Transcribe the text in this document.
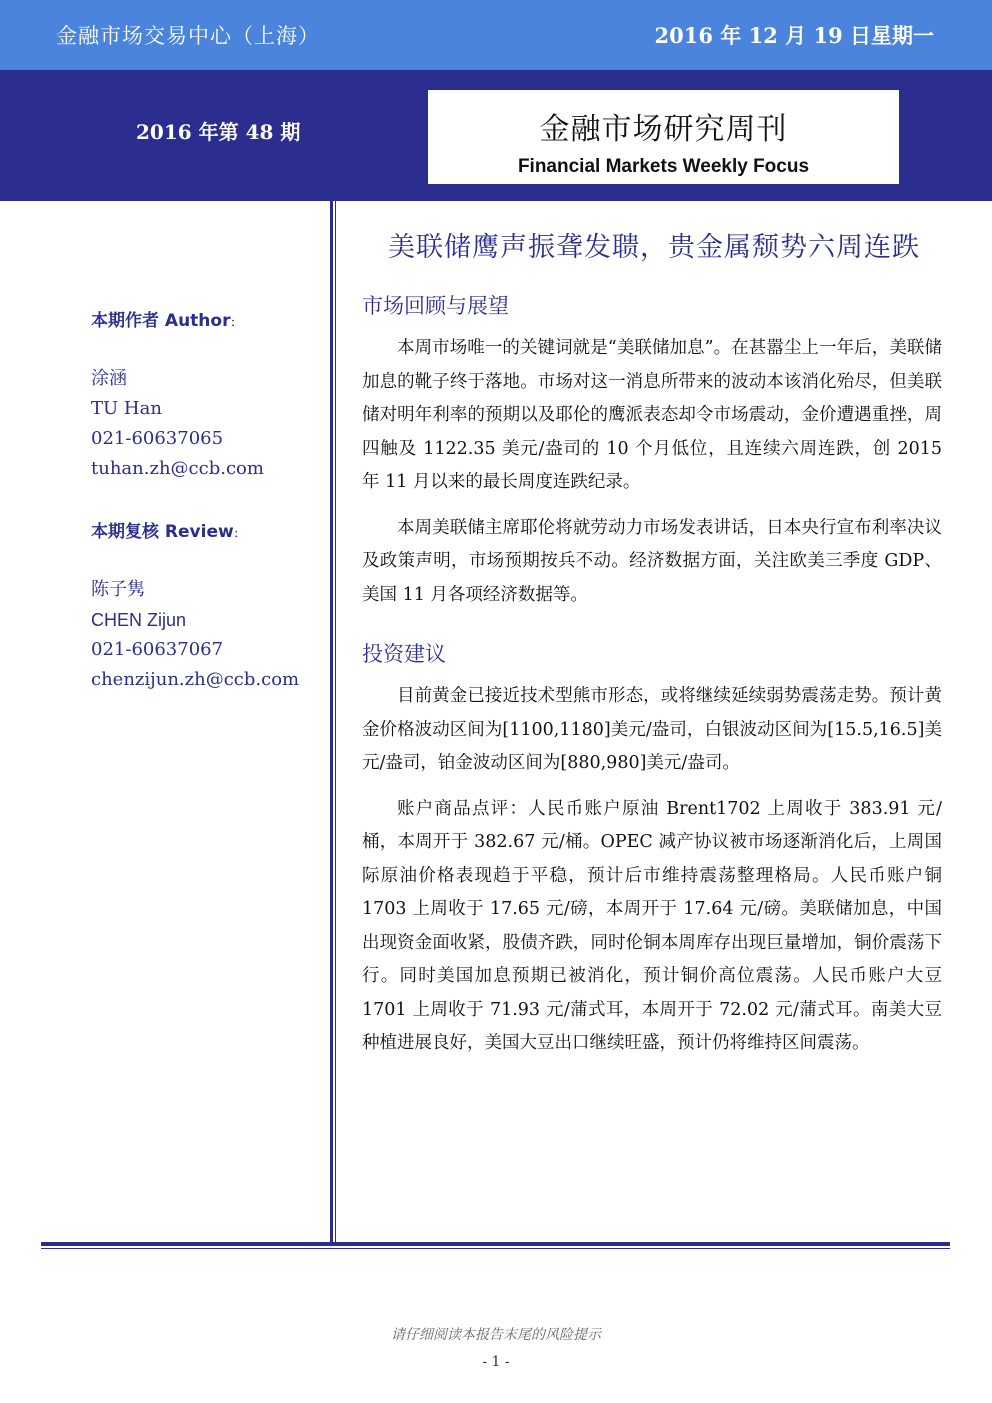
金融市场交易中心（上海）	2016 年 12 月 19 日星期一
2016 年第 48 期	金融市场研究周刊
Financial Markets Weekly Focus
本期作者 Author：
涂涵
TU Han
021-60637065
tuhan.zh@ccb.com
本期复核 Review：
陈子隽
CHEN Zijun
021-60637067
chenzijun.zh@ccb.com
美联储鹰声振聋发聩，贵金属颓势六周连跌
市场回顾与展望
本周市场唯一的关键词就是“美联储加息”。在甚嚣尘上一年后，美联储加息的靴子终于落地。市场对这一消息所带来的波动本该消化殆尽，但美联储对明年利率的预期以及耶伦的鹰派表态却令市场震动，金价遭遇重挫，周四触及 1122.35 美元/盎司的 10 个月低位，且连续六周连跌，创 2015 年 11 月以来的最长周度连跌纪录。
本周美联储主席耶伦将就劳动力市场发表讲话，日本央行宣布利率决议及政策声明，市场预期按兵不动。经济数据方面，关注欧美三季度 GDP、美国 11 月各项经济数据等。
投资建议
目前黄金已接近技术型熊市形态，或将继续延续弱势震荡走势。预计黄金价格波动区间为[1100,1180]美元/盎司，白银波动区间为[15.5,16.5]美元/盎司，铂金波动区间为[880,980]美元/盎司。
账户商品点评：人民币账户原油 Brent1702 上周收于 383.91 元/桶，本周开于 382.67 元/桶。OPEC 减产协议被市场逐渐消化后，上周国际原油价格表现趋于平稳，预计后市维持震荡整理格局。人民币账户铜 1703 上周收于 17.65 元/磅，本周开于 17.64 元/磅。美联储加息，中国出现资金面收紧，股债齐跌，同时伦铜本周库存出现巨量增加，铜价震荡下行。同时美国加息预期已被消化，预计铜价高位震荡。人民币账户大豆 1701 上周收于 71.93 元/蒲式耳，本周开于 72.02 元/蒲式耳。南美大豆种植进展良好，美国大豆出口继续旺盛，预计仍将维持区间震荡。
请仔细阅读本报告末尾的风险提示
- 1 -
